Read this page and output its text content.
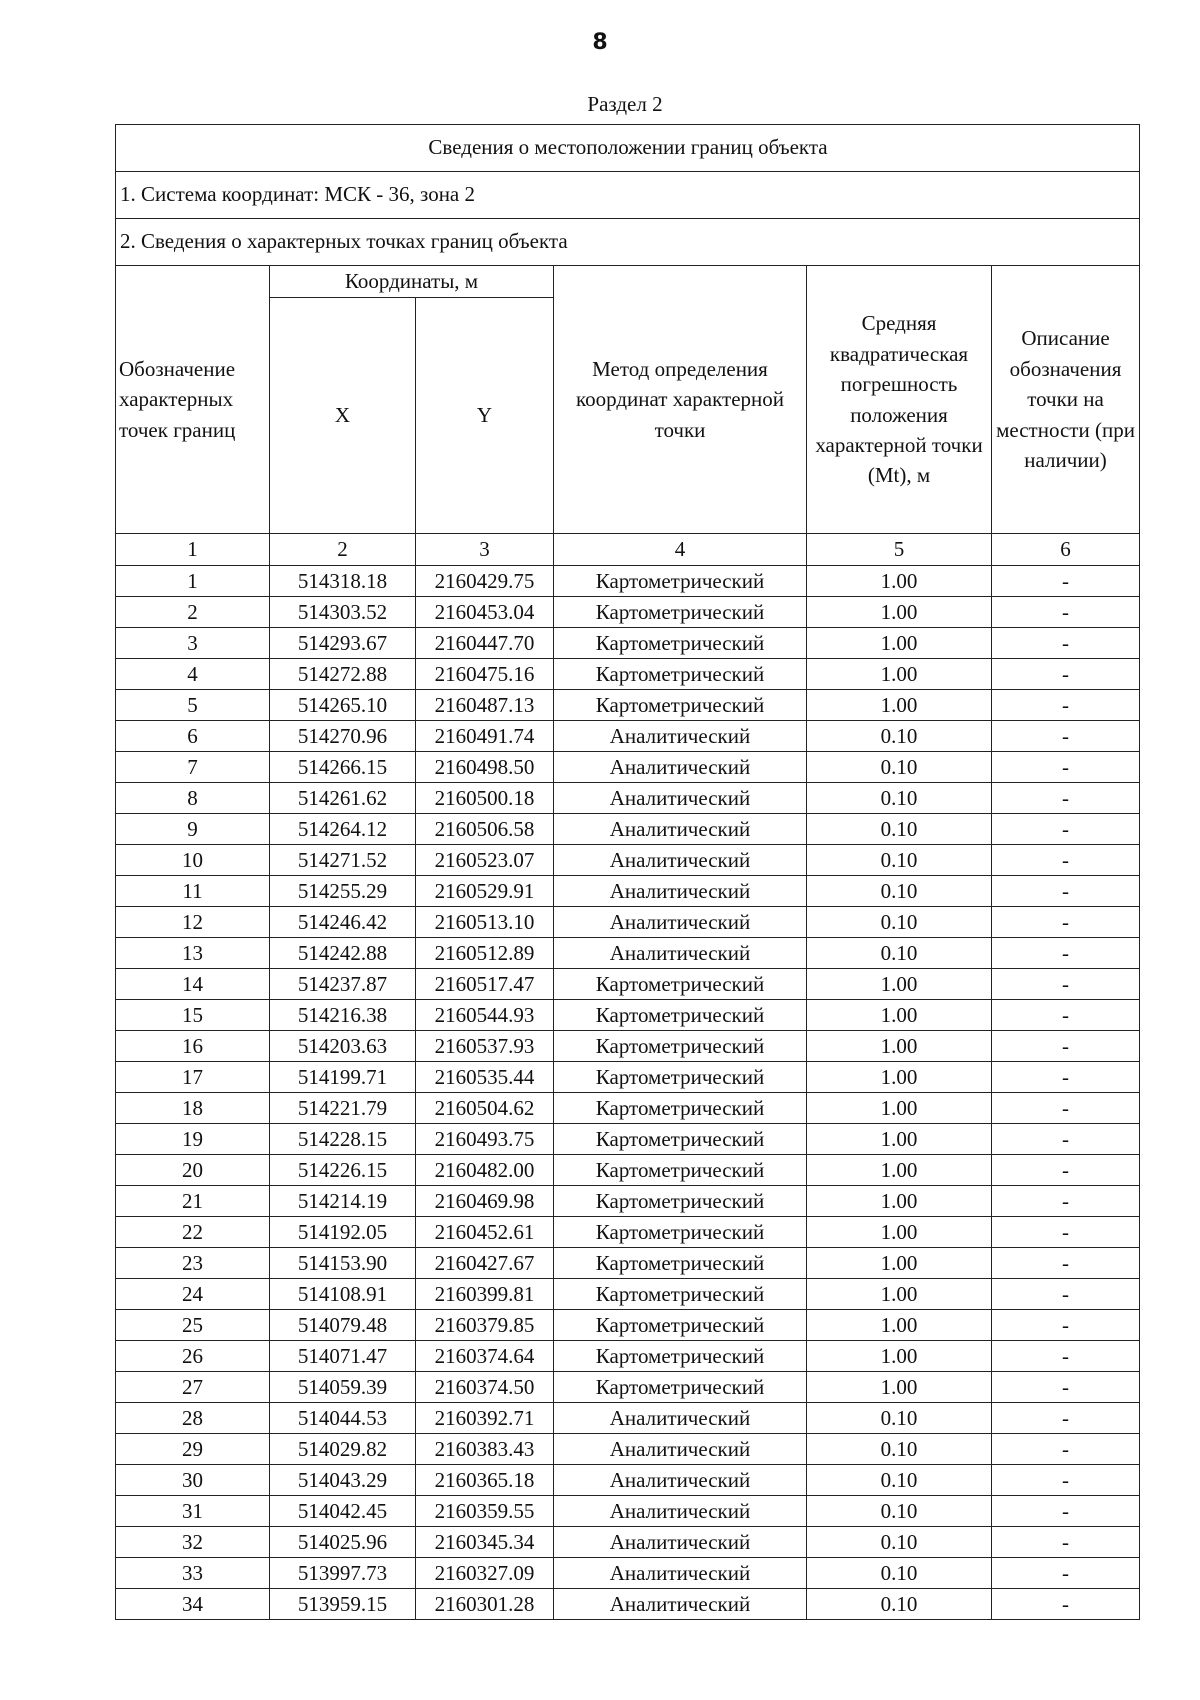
8
Раздел 2
Сведения о местоположении границ объекта					
1. Система координат: МСК - 36, зона 2					
2. Сведения о характерных точках границ объекта					
Обозначение характерных точек границ	Координаты, м		Метод определения координат характерной точки	Средняя квадратическая погрешность положения характерной точки (Mt), м	Описание обозначения точки на местности (при наличии)
	X	Y			
1	2	3	4	5	6
1	514318.18	2160429.75	Картометрический	1.00	-
2	514303.52	2160453.04	Картометрический	1.00	-
3	514293.67	2160447.70	Картометрический	1.00	-
4	514272.88	2160475.16	Картометрический	1.00	-
5	514265.10	2160487.13	Картометрический	1.00	-
6	514270.96	2160491.74	Аналитический	0.10	-
7	514266.15	2160498.50	Аналитический	0.10	-
8	514261.62	2160500.18	Аналитический	0.10	-
9	514264.12	2160506.58	Аналитический	0.10	-
10	514271.52	2160523.07	Аналитический	0.10	-
11	514255.29	2160529.91	Аналитический	0.10	-
12	514246.42	2160513.10	Аналитический	0.10	-
13	514242.88	2160512.89	Аналитический	0.10	-
14	514237.87	2160517.47	Картометрический	1.00	-
15	514216.38	2160544.93	Картометрический	1.00	-
16	514203.63	2160537.93	Картометрический	1.00	-
17	514199.71	2160535.44	Картометрический	1.00	-
18	514221.79	2160504.62	Картометрический	1.00	-
19	514228.15	2160493.75	Картометрический	1.00	-
20	514226.15	2160482.00	Картометрический	1.00	-
21	514214.19	2160469.98	Картометрический	1.00	-
22	514192.05	2160452.61	Картометрический	1.00	-
23	514153.90	2160427.67	Картометрический	1.00	-
24	514108.91	2160399.81	Картометрический	1.00	-
25	514079.48	2160379.85	Картометрический	1.00	-
26	514071.47	2160374.64	Картометрический	1.00	-
27	514059.39	2160374.50	Картометрический	1.00	-
28	514044.53	2160392.71	Аналитический	0.10	-
29	514029.82	2160383.43	Аналитический	0.10	-
30	514043.29	2160365.18	Аналитический	0.10	-
31	514042.45	2160359.55	Аналитический	0.10	-
32	514025.96	2160345.34	Аналитический	0.10	-
33	513997.73	2160327.09	Аналитический	0.10	-
34	513959.15	2160301.28	Аналитический	0.10	-
